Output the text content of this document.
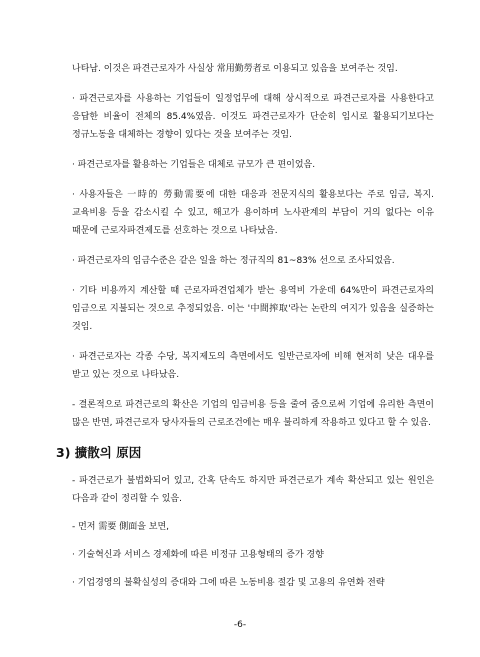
나타남. 이것은 파견근로자가 사실상 常用勤勞者로 이용되고 있음을 보여주는 것임.

· 파견근로자를 사용하는 기업들이 일정업무에 대해 상시적으로 파견근로자를 사용한다고 응답한 비율이 전체의 85.4%였음. 이것도 파견근로자가 단순히 임시로 활용되기보다는 정규노동을 대체하는 경향이 있다는 것을 보여주는 것임.

· 파견근로자를 활용하는 기업들은 대체로 규모가 큰 편이었음.

· 사용자들은 一時的 勞動需要에 대한 대응과 전문지식의 활용보다는 주로 임금, 복지.교육비용 등을 감소시킬 수 있고, 해고가 용이하며 노사관계의 부담이 거의 없다는 이유 때문에 근로자파견제도를 선호하는 것으로 나타났음.

· 파견근로자의 임금수준은 같은 일을 하는 정규직의 81~83% 선으로 조사되었음.

· 기타 비용까지 계산할 때 근로자파견업체가 받는 용역비 가운데 64%만이 파견근로자의 임금으로 지불되는 것으로 추정되었음. 이는 '中間搾取'라는 논란의 여지가 있음을 실증하는 것임.

· 파견근로자는 각종 수당, 복지제도의 측면에서도 일반근로자에 비해 현저히 낮은 대우를 받고 있는 것으로 나타났음.

- 결론적으로 파견근로의 확산은 기업의 임금비용 등을 줄여 줌으로써 기업에 유리한 측면이 많은 반면, 파견근로자 당사자들의 근로조건에는 매우 불리하게 작용하고 있다고 할 수 있음.

3) 擴散의 原因

- 파견근로가 불법화되어 있고, 간혹 단속도 하지만 파견근로가 계속 확산되고 있는 원인은 다음과 같이 정리할 수 있음.

- 먼저 需要 側面을 보면,

· 기술혁신과 서비스 경제화에 따른 비정규 고용형태의 증가 경향

· 기업경영의 불확실성의 증대와 그에 따른 노동비용 절감 및 고용의 유연화 전략

-6-
